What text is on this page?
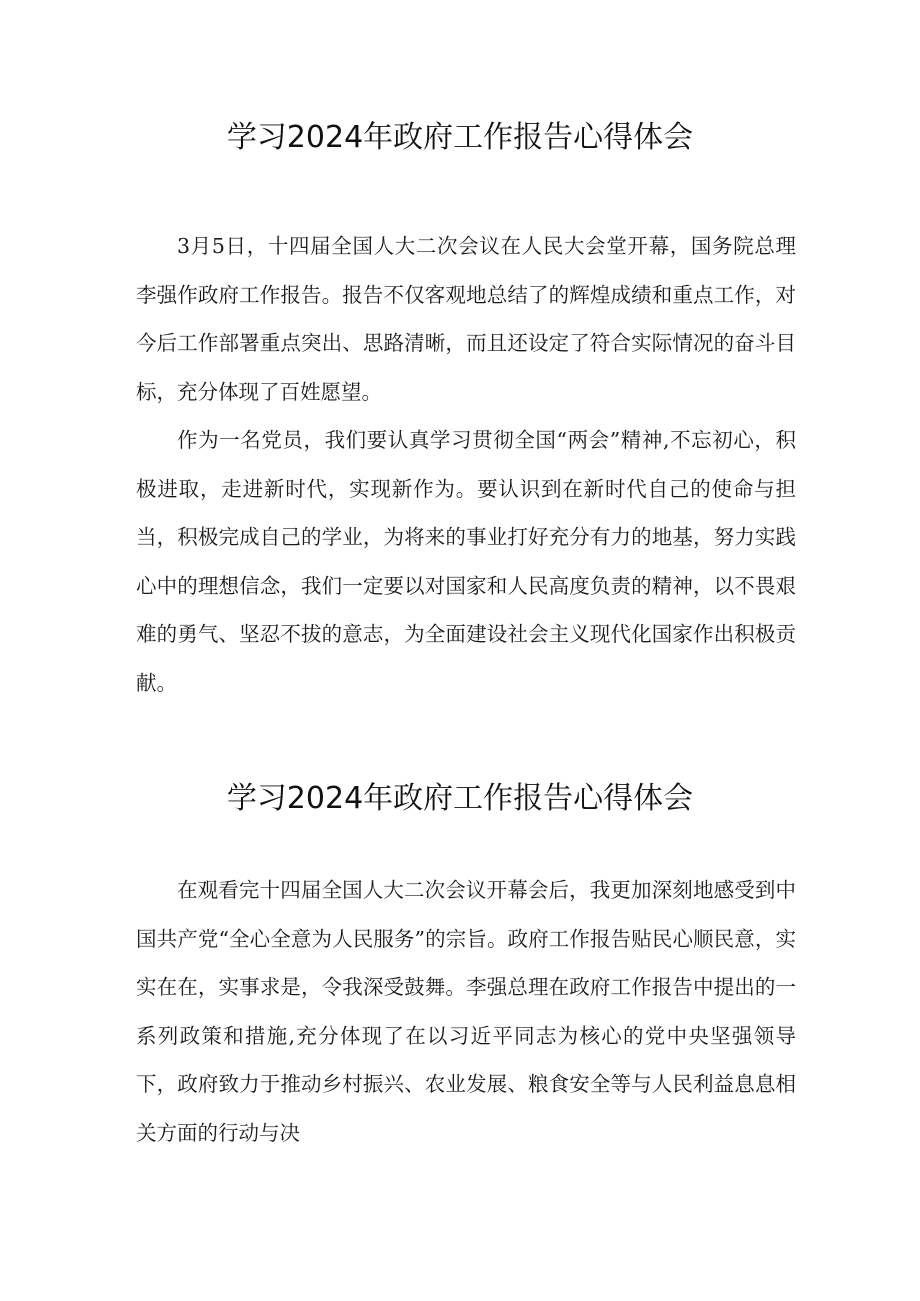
学习2024年政府工作报告心得体会

3月5日，十四届全国人大二次会议在人民大会堂开幕，国务院总理李强作政府工作报告。报告不仅客观地总结了的辉煌成绩和重点工作，对今后工作部署重点突出、思路清晰，而且还设定了符合实际情况的奋斗目标，充分体现了百姓愿望。

作为一名党员，我们要认真学习贯彻全国“两会”精神,不忘初心，积极进取，走进新时代，实现新作为。要认识到在新时代自己的使命与担当，积极完成自己的学业，为将来的事业打好充分有力的地基，努力实践心中的理想信念，我们一定要以对国家和人民高度负责的精神，以不畏艰难的勇气、坚忍不拔的意志，为全面建设社会主义现代化国家作出积极贡献。

学习2024年政府工作报告心得体会

在观看完十四届全国人大二次会议开幕会后，我更加深刻地感受到中国共产党“全心全意为人民服务”的宗旨。政府工作报告贴民心顺民意，实实在在，实事求是，令我深受鼓舞。李强总理在政府工作报告中提出的一系列政策和措施,充分体现了在以习近平同志为核心的党中央坚强领导下，政府致力于推动乡村振兴、农业发展、粮食安全等与人民利益息息相关方面的行动与决
